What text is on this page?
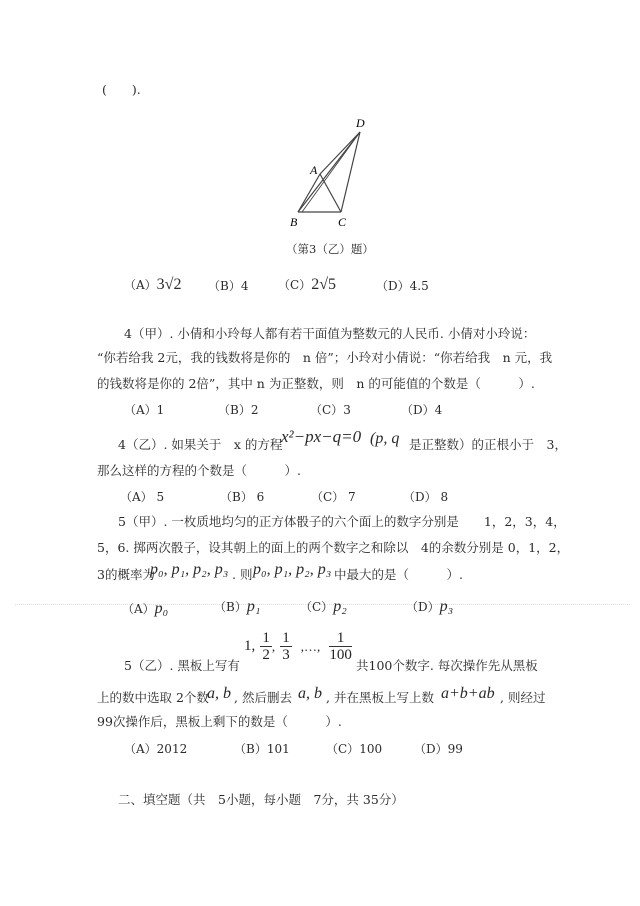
(　　).
D
A
B	C
（第3（乙）题）
（A）3√2 （B）4 （C）2√5	（D）4.5
4（甲）. 小倩和小玲每人都有若干面值为整数元的人民币. 小倩对小玲说：
“你若给我 2元，我的钱数将是你的　n 倍”；小玲对小倩说：“你若给我　n 元，我
的钱数将是你的 2倍”，其中 n 为正整数，则　n 的可能值的个数是（　　　）.
（A）1	（B）2	（C）3	（D）4
4（乙）. 如果关于　x 的方程
x²−px−q=0 (p, q 是正整数）的正根小于　3，
那么这样的方程的个数是（　　　）.
（A） 5	（B） 6	（C） 7	（D） 8
5（甲）. 一枚质地均匀的正方体骰子的六个面上的数字分别是　　1，2，3，4，
5，6. 掷两次骰子，设其朝上的面上的两个数字之和除以　4的余数分别是 0，1，2，
3的概率为
p₀, p₁, p₂, p₃ . 则 p₀, p₁, p₂, p₃ 中最大的是（　　　）.
（A）p₀	（B）p₁	（C）p₂	（D）p₃
5（乙）. 黑板上写有
1, $\frac{1}{2}$ , $\frac{1}{3}$ ,…, $\frac{1}{100}$
共100个数字. 每次操作先从黑板
上的数中选取 2个数
a, b , 然后删去 a, b , 并在黑板上写上数 a+b+ab , 则经过
99次操作后，黑板上剩下的数是（　　　）.
（A）2012	（B）101	（C）100	（D）99
二、填空题（共　5小题，每小题　7分，共 35分）
